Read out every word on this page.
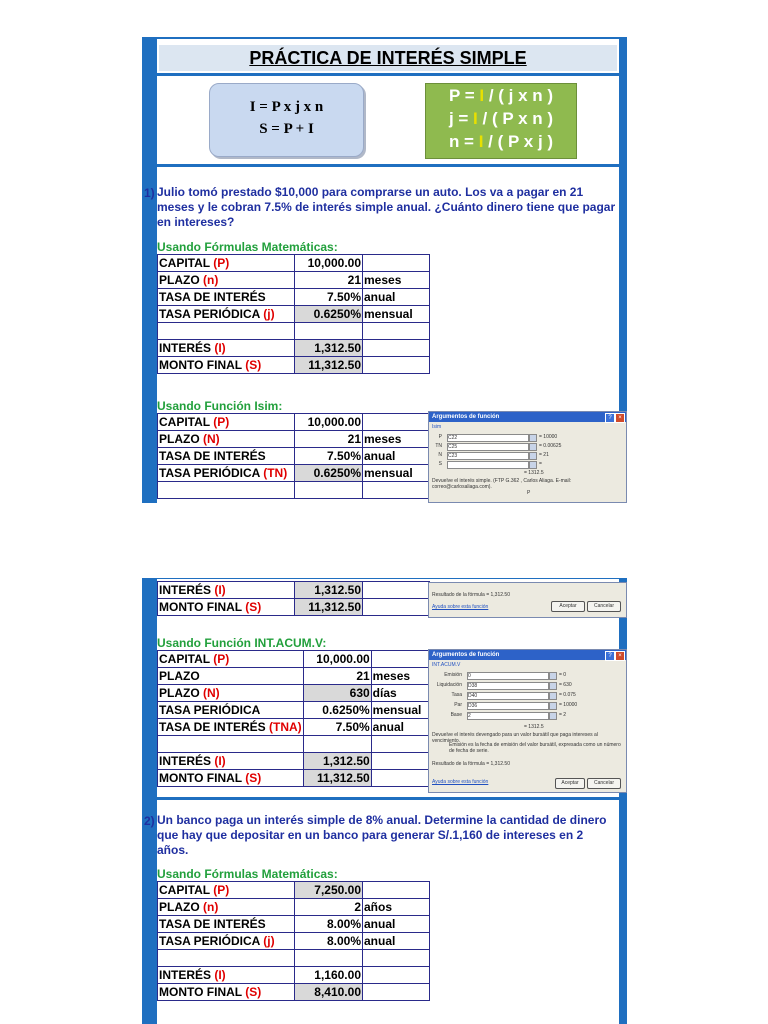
PRÁCTICA DE INTERÉS SIMPLE
I = P x j x n
S = P + I
P = I / ( j x n )
j = I / ( P x n )
n = I / ( P x j )
1) Julio tomó prestado $10,000 para comprarse un auto. Los va a pagar en 21 meses y le cobran 7.5% de interés simple anual. ¿Cuánto dinero tiene que pagar en intereses?
Usando Fórmulas Matemáticas:
CAPITAL (P)	10,000.00	
PLAZO (n)	21	meses
TASA DE INTERÉS	7.50%	anual
TASA PERIÓDICA (j)	0.6250%	mensual

INTERÉS (I)	1,312.50	
MONTO FINAL (S)	11,312.50	
Usando Función Isim:
CAPITAL (P)	10,000.00	
PLAZO (N)	21	meses
TASA DE INTERÉS	7.50%	anual
TASA PERIÓDICA (TN)	0.6250%	mensual

Argumentos de función	?	×
Isim
P C22	= 10000
TN C25	= 0.00625
N C23	= 21
S	=
= 1312.5
Devuelve el interés simple. (FTP G.362 , Carlos Aliaga. E-mail: correo@carlosaliaga.com).
P
INTERÉS (I)	1,312.50	
MONTO FINAL (S)	11,312.50	
Resultado de la fórmula = 1,312.50
Ayuda sobre esta función	Aceptar	Cancelar
Usando Función INT.ACUM.V:
CAPITAL (P)	10,000.00	
PLAZO	21	meses
PLAZO (N)	630	días
TASA PERIÓDICA	0.6250%	mensual
TASA DE INTERÉS (TNA)	7.50%	anual

INTERÉS (I)	1,312.50	
MONTO FINAL (S)	11,312.50	
Argumentos de función	?	×
INT.ACUM.V
Emisión 0	= 0
Liquidación D38	= 630
Tasa D40	= 0.075
Par D36	= 10000
Base 2	= 2
= 1312.5
Devuelve el interés devengado para un valor bursátil que paga intereses al vencimiento.
Emisión es la fecha de emisión del valor bursátil, expresada como un número de fecha de serie.
Resultado de la fórmula = 1,312.50
Ayuda sobre esta función	Aceptar	Cancelar
2) Un banco paga un interés simple de 8% anual. Determine la cantidad de dinero que hay que depositar en un banco para generar S/.1,160 de intereses en 2 años.
Usando Fórmulas Matemáticas:
CAPITAL (P)	7,250.00	
PLAZO (n)	2	años
TASA DE INTERÉS	8.00%	anual
TASA PERIÓDICA (j)	8.00%	anual

INTERÉS (I)	1,160.00	
MONTO FINAL (S)	8,410.00	
